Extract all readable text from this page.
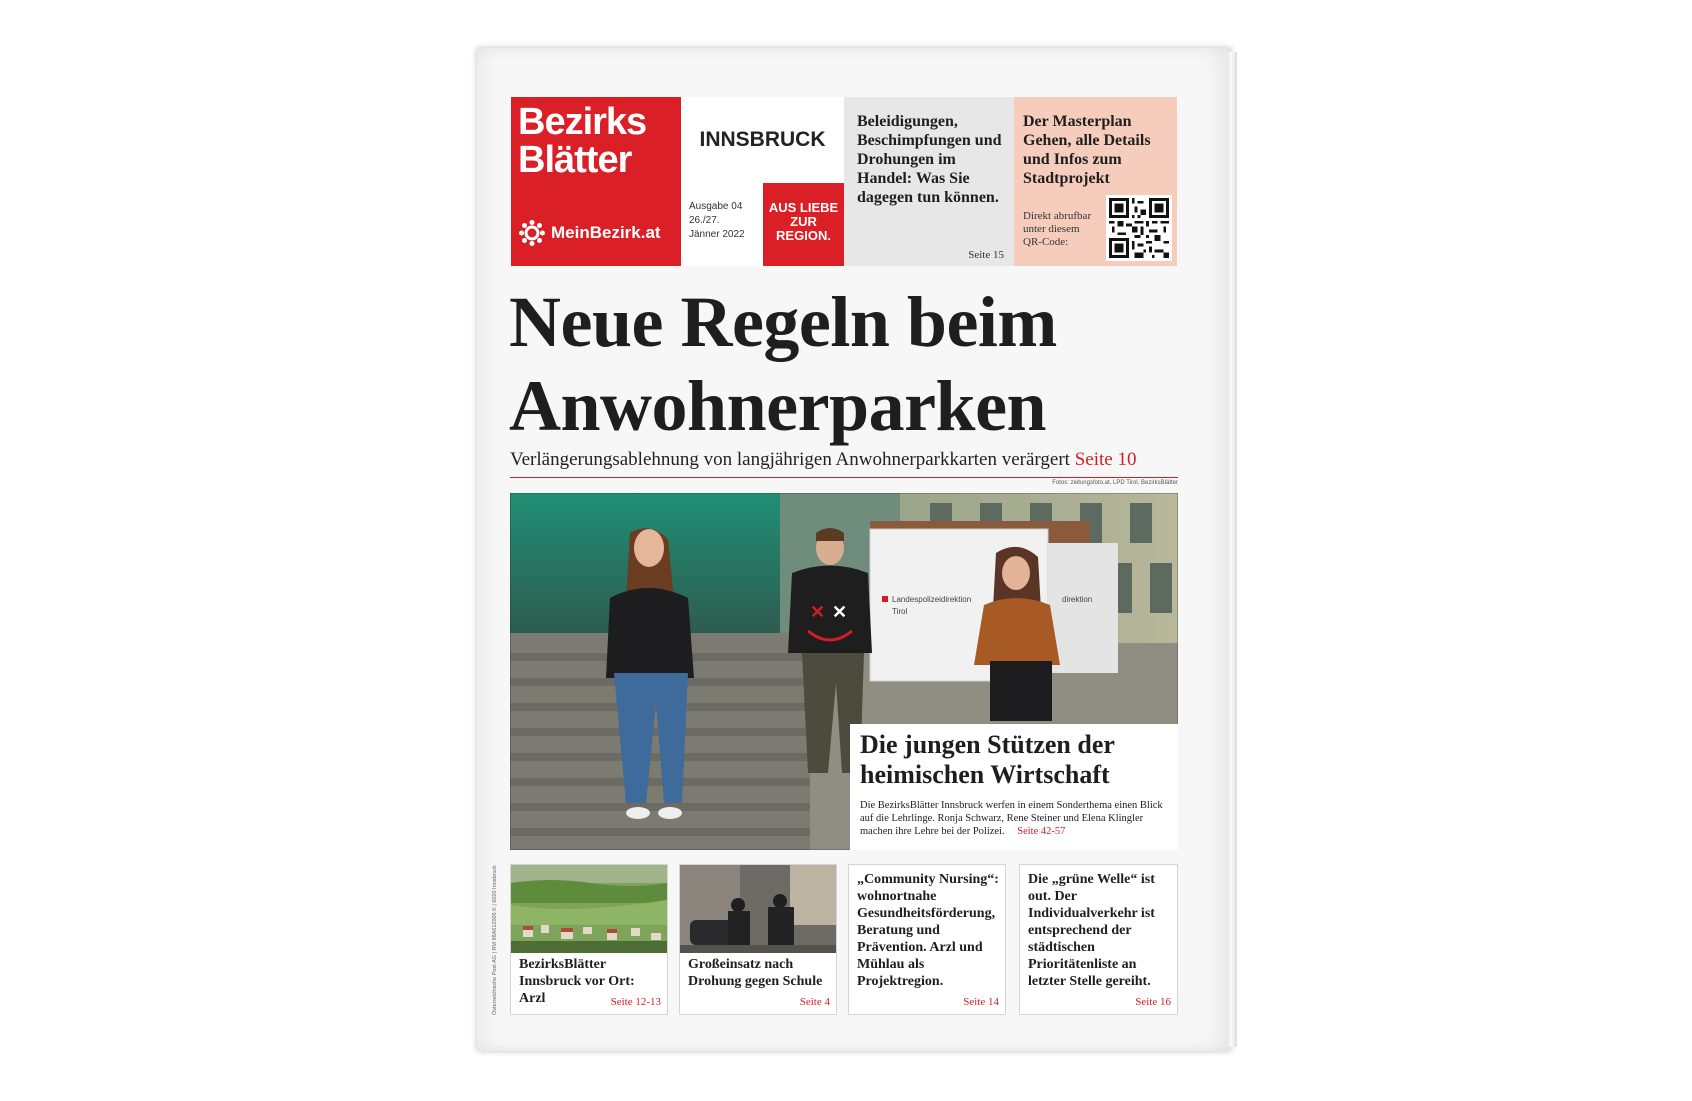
Bezirks
Blätter
MeinBezirk.at
INNSBRUCK
Ausgabe 04
26./27.
Jänner 2022
AUS LIEBE
ZUR
REGION.
Beleidigungen, Beschimpfungen und Drohungen im Handel: Was Sie dagegen tun können.
Seite 15
Der Masterplan Gehen, alle Details und Infos zum Stadtprojekt
Direkt abrufbar unter diesem QR-Code:
Neue Regeln beim Anwohnerparken
Verlängerungsablehnung von langjährigen Anwohnerparkkarten verärgert Seite 10
Fotos: zeitungsfoto.at, LPD Tirol, BezirksBlätter
Landespolizeidirektion
Tirol
direktion
✕ ✕
Die jungen Stützen der heimischen Wirtschaft
Die BezirksBlätter Innsbruck werfen in einem Sonderthema einen Blick auf die Lehrlinge. Ronja Schwarz, Rene Steiner und Elena Klingler machen ihre Lehre bei der Polizei. Seite 42-57
BezirksBlätter Innsbruck vor Ort: Arzl	Seite 12-13
Großeinsatz nach Drohung gegen Schule
Seite 4
„Community Nursing“: wohnortnahe Gesundheitsförderung, Beratung und Prävention. Arzl und Mühlau als Projektregion.
Seite 14
Die „grüne Welle“ ist out. Der Individualverkehr ist entsprechend der städtischen Prioritätenliste an letzter Stelle gereiht.
Seite 16
Österreichische Post AG | RM 98A612005 K | 6020 Innsbruck
